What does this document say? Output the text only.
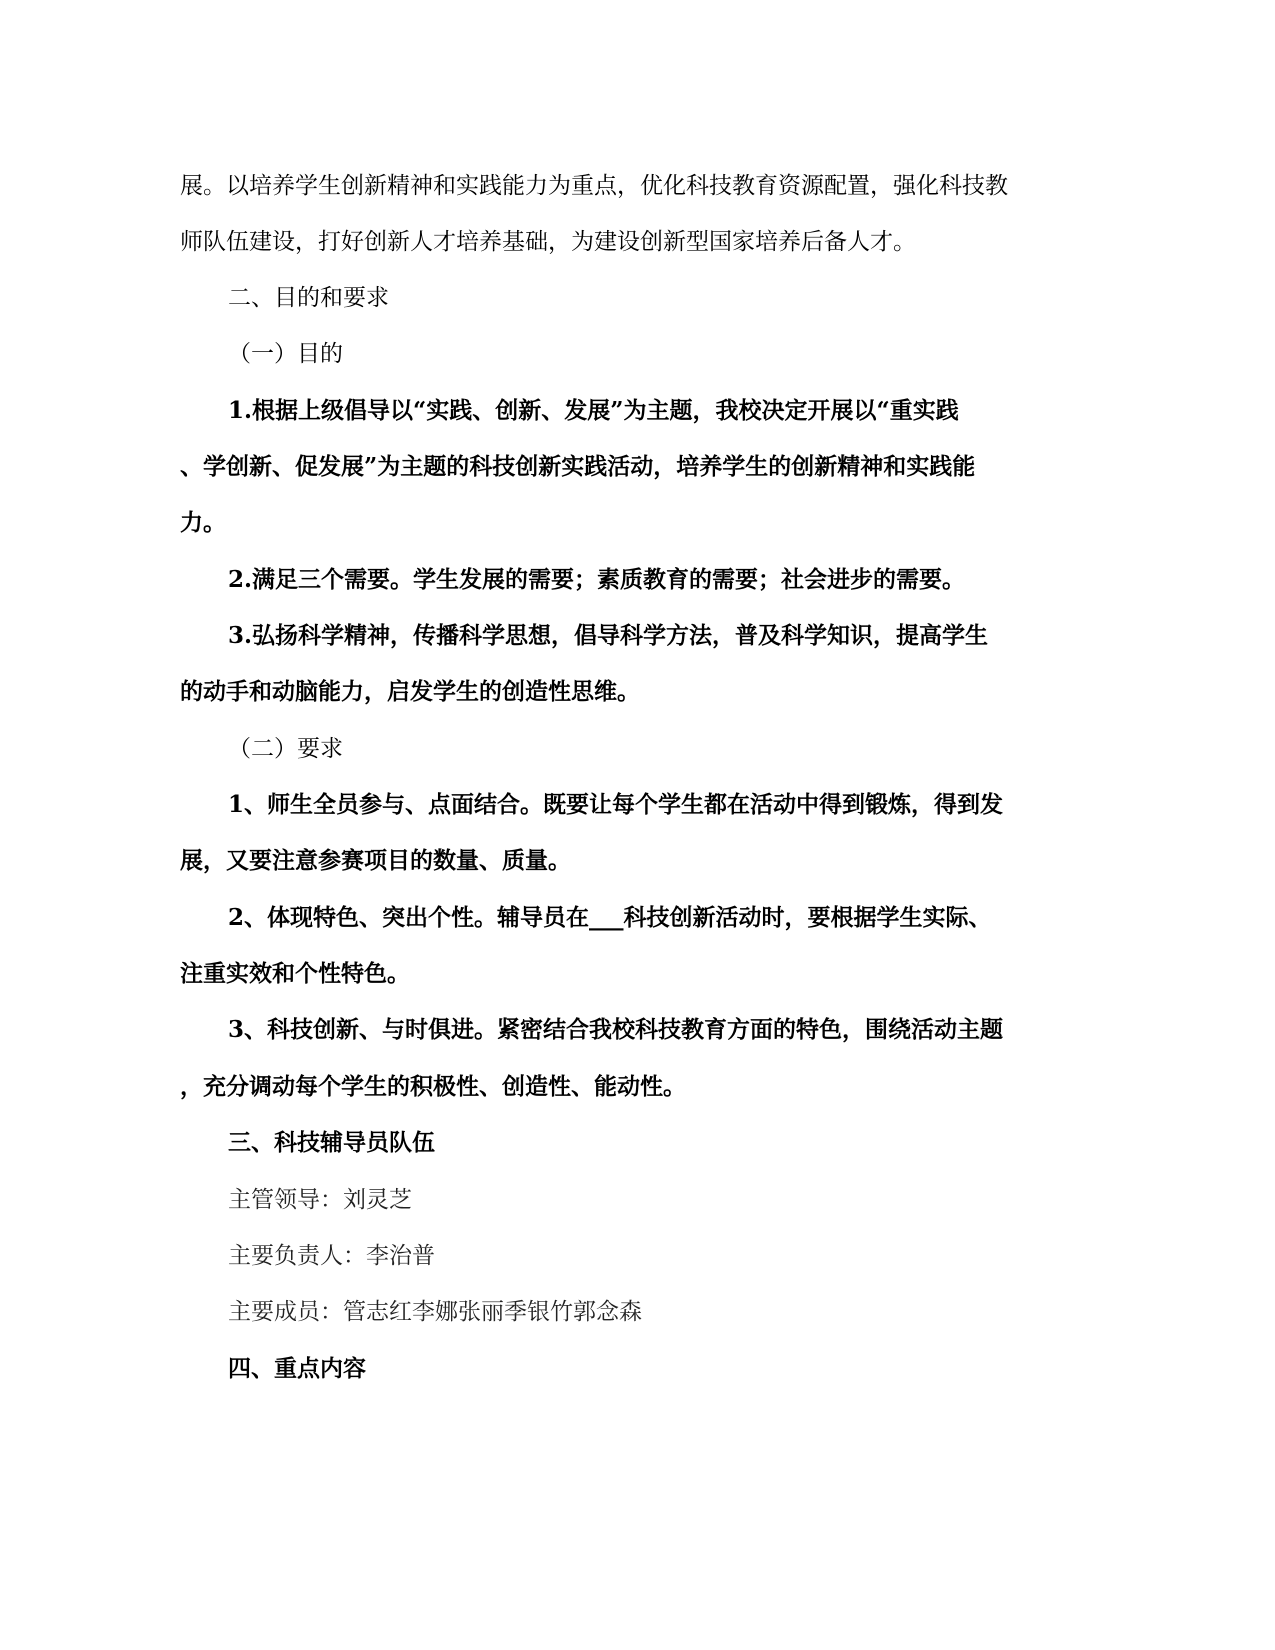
展。以培养学生创新精神和实践能力为重点，优化科技教育资源配置，强化科技教
师队伍建设，打好创新人才培养基础，为建设创新型国家培养后备人才。
二、目的和要求
（一）目的
1.根据上级倡导以“实践、创新、发展”为主题，我校决定开展以“重实践
、学创新、促发展”为主题的科技创新实践活动，培养学生的创新精神和实践能
力。
2.满足三个需要。学生发展的需要；素质教育的需要；社会进步的需要。
3.弘扬科学精神，传播科学思想，倡导科学方法，普及科学知识，提高学生
的动手和动脑能力，启发学生的创造性思维。
（二）要求
1、师生全员参与、点面结合。既要让每个学生都在活动中得到锻炼，得到发
展，又要注意参赛项目的数量、质量。
2、体现特色、突出个性。辅导员在___科技创新活动时，要根据学生实际、
注重实效和个性特色。
3、科技创新、与时俱进。紧密结合我校科技教育方面的特色，围绕活动主题
，充分调动每个学生的积极性、创造性、能动性。
三、科技辅导员队伍
主管领导：刘灵芝
主要负责人：李治普
主要成员：管志红李娜张丽季银竹郭念森
四、重点内容
